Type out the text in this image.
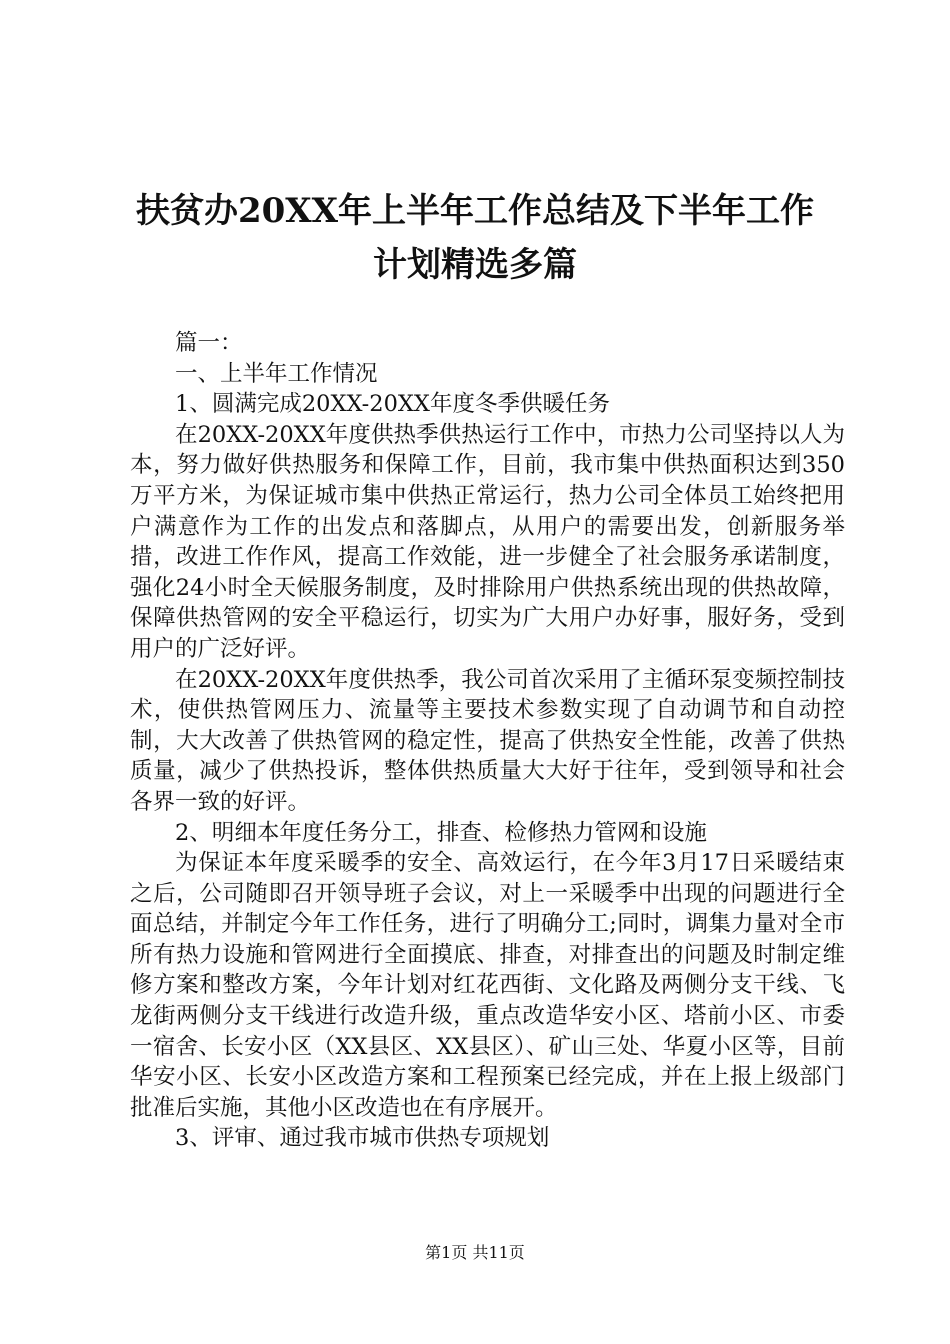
扶贫办20XX年上半年工作总结及下半年工作
计划精选多篇

篇一：

一、上半年工作情况

1、圆满完成20XX-20XX年度冬季供暖任务

在20XX-20XX年度供热季供热运行工作中，市热力公司坚持以人为本，努力做好供热服务和保障工作，目前，我市集中供热面积达到350万平方米，为保证城市集中供热正常运行，热力公司全体员工始终把用户满意作为工作的出发点和落脚点，从用户的需要出发，创新服务举措，改进工作作风，提高工作效能，进一步健全了社会服务承诺制度，强化24小时全天候服务制度，及时排除用户供热系统出现的供热故障，保障供热管网的安全平稳运行，切实为广大用户办好事，服好务，受到用户的广泛好评。

在20XX-20XX年度供热季，我公司首次采用了主循环泵变频控制技术，使供热管网压力、流量等主要技术参数实现了自动调节和自动控制，大大改善了供热管网的稳定性，提高了供热安全性能，改善了供热质量，减少了供热投诉，整体供热质量大大好于往年，受到领导和社会各界一致的好评。

2、明细本年度任务分工，排查、检修热力管网和设施

为保证本年度采暖季的安全、高效运行，在今年3月17日采暖结束之后，公司随即召开领导班子会议，对上一采暖季中出现的问题进行全面总结，并制定今年工作任务，进行了明确分工;同时，调集力量对全市所有热力设施和管网进行全面摸底、排查，对排查出的问题及时制定维修方案和整改方案，今年计划对红花西街、文化路及两侧分支干线、飞龙街两侧分支干线进行改造升级，重点改造华安小区、塔前小区、市委一宿舍、长安小区（XX县区、XX县区）、矿山三处、华夏小区等，目前华安小区、长安小区改造方案和工程预案已经完成，并在上报上级部门批准后实施，其他小区改造也在有序展开。

3、评审、通过我市城市供热专项规划

第1页 共11页
